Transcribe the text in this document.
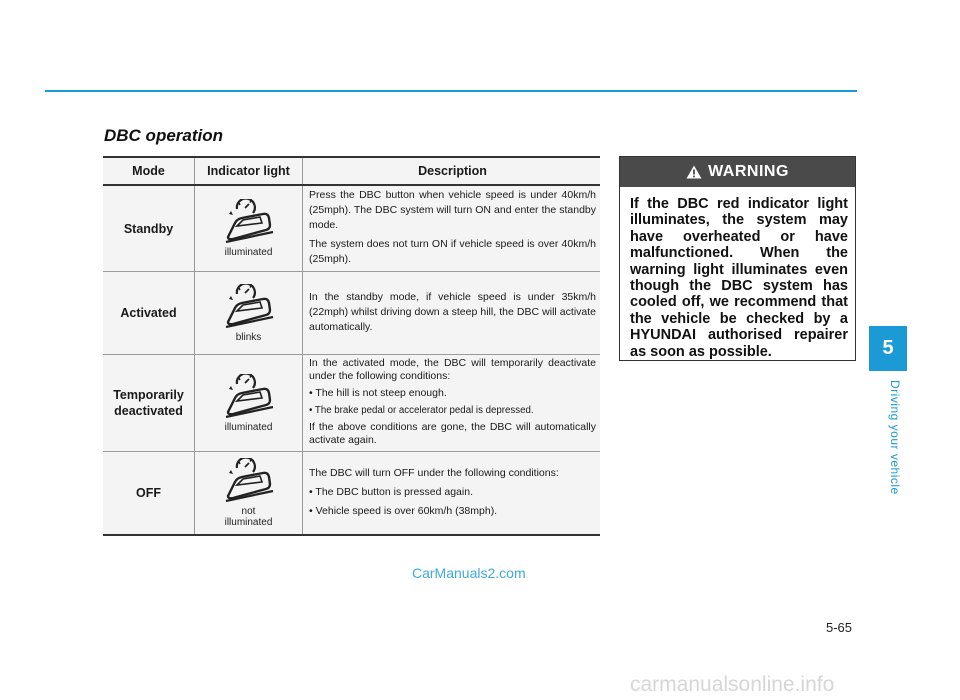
DBC operation
Mode	Indicator light	Description
Standby	illuminated	Press the DBC button when vehicle speed is under 40km/h (25mph). The DBC system will turn ON and enter the standby mode.

The system does not turn ON if vehicle speed is over 40km/h (25mph).

Activated	blinks	In the standby mode, if vehicle speed is under 35km/h (22mph) whilst driving down a steep hill, the DBC will activate automatically.

Temporarily deactivated	illuminated	In the activated mode, the DBC will temporarily deactivate under the following conditions:

• The hill is not steep enough.

• The brake pedal or accelerator pedal is depressed.

If the above conditions are gone, the DBC will automatically activate again.

OFF	not illuminated	The DBC will turn OFF under the following conditions:

• The DBC button is pressed again.

• Vehicle speed is over 60km/h (38mph).

WARNING
If the DBC red indicator light illuminates, the system may have overheated or have malfunctioned. When the warning light illuminates even though the DBC system has cooled off, we recommend that the vehicle be checked by a HYUNDAI authorised repairer as soon as possible.	5
Driving your vehicle
5-65
CarManuals2.com
carmanualsonline.info
